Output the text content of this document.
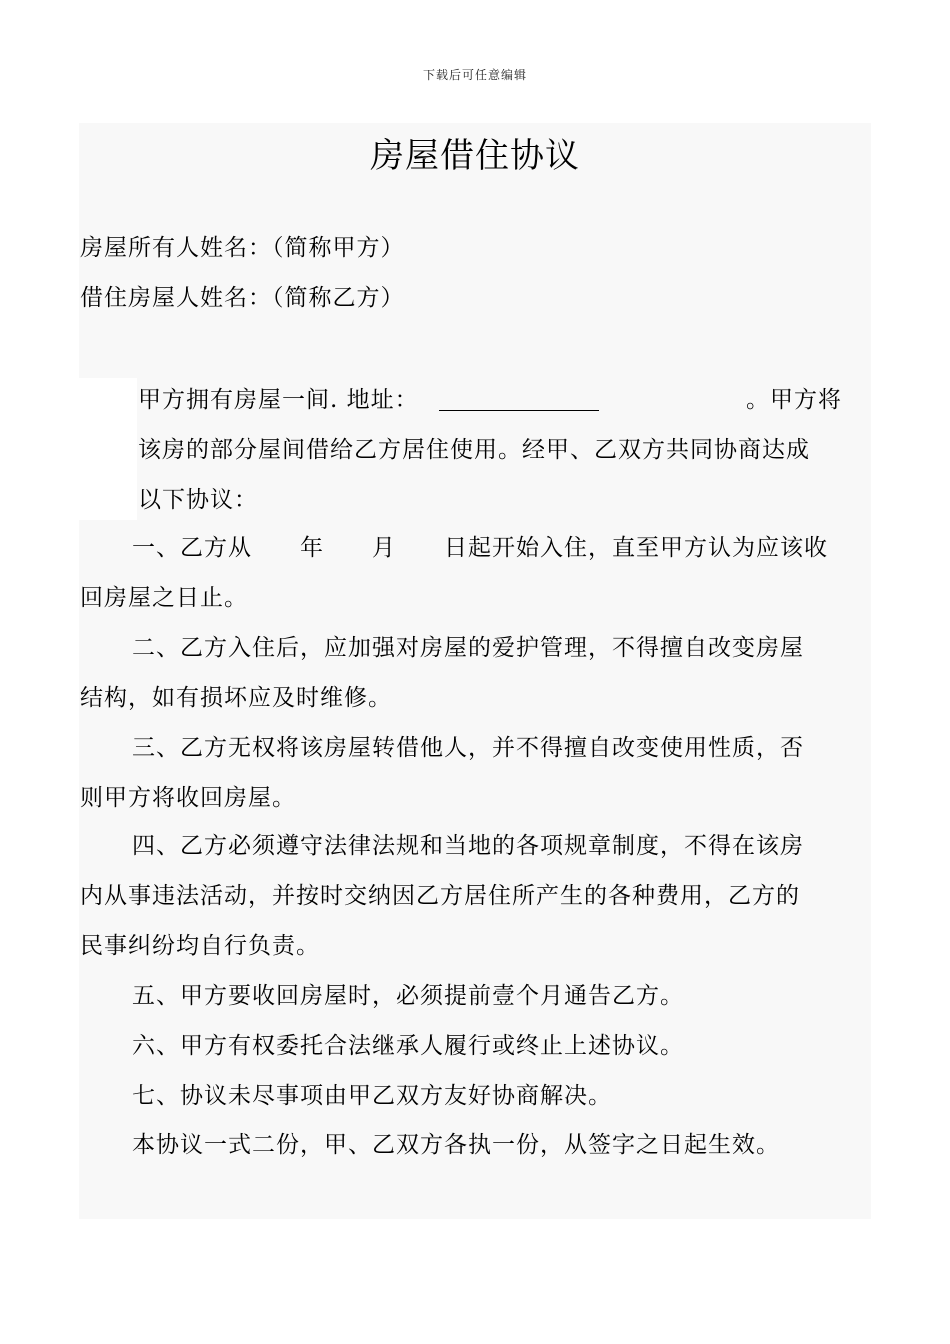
下载后可任意编辑
房屋借住协议
房屋所有人姓名：（简称甲方）
借住房屋人姓名：（简称乙方）
甲方拥有房屋一间. 地址：	。甲方将
该房的部分屋间借给乙方居住使用。经甲、乙双方共同协商达成
以下协议：
一、乙方从　　年　　月　　日起开始入住，直至甲方认为应该收
回房屋之日止。
二、乙方入住后，应加强对房屋的爱护管理，不得擅自改变房屋
结构，如有损坏应及时维修。
三、乙方无权将该房屋转借他人，并不得擅自改变使用性质，否
则甲方将收回房屋。
四、乙方必须遵守法律法规和当地的各项规章制度，不得在该房
内从事违法活动，并按时交纳因乙方居住所产生的各种费用，乙方的
民事纠纷均自行负责。
五、甲方要收回房屋时，必须提前壹个月通告乙方。
六、甲方有权委托合法继承人履行或终止上述协议。
七、协议未尽事项由甲乙双方友好协商解决。
本协议一式二份，甲、乙双方各执一份，从签字之日起生效。
